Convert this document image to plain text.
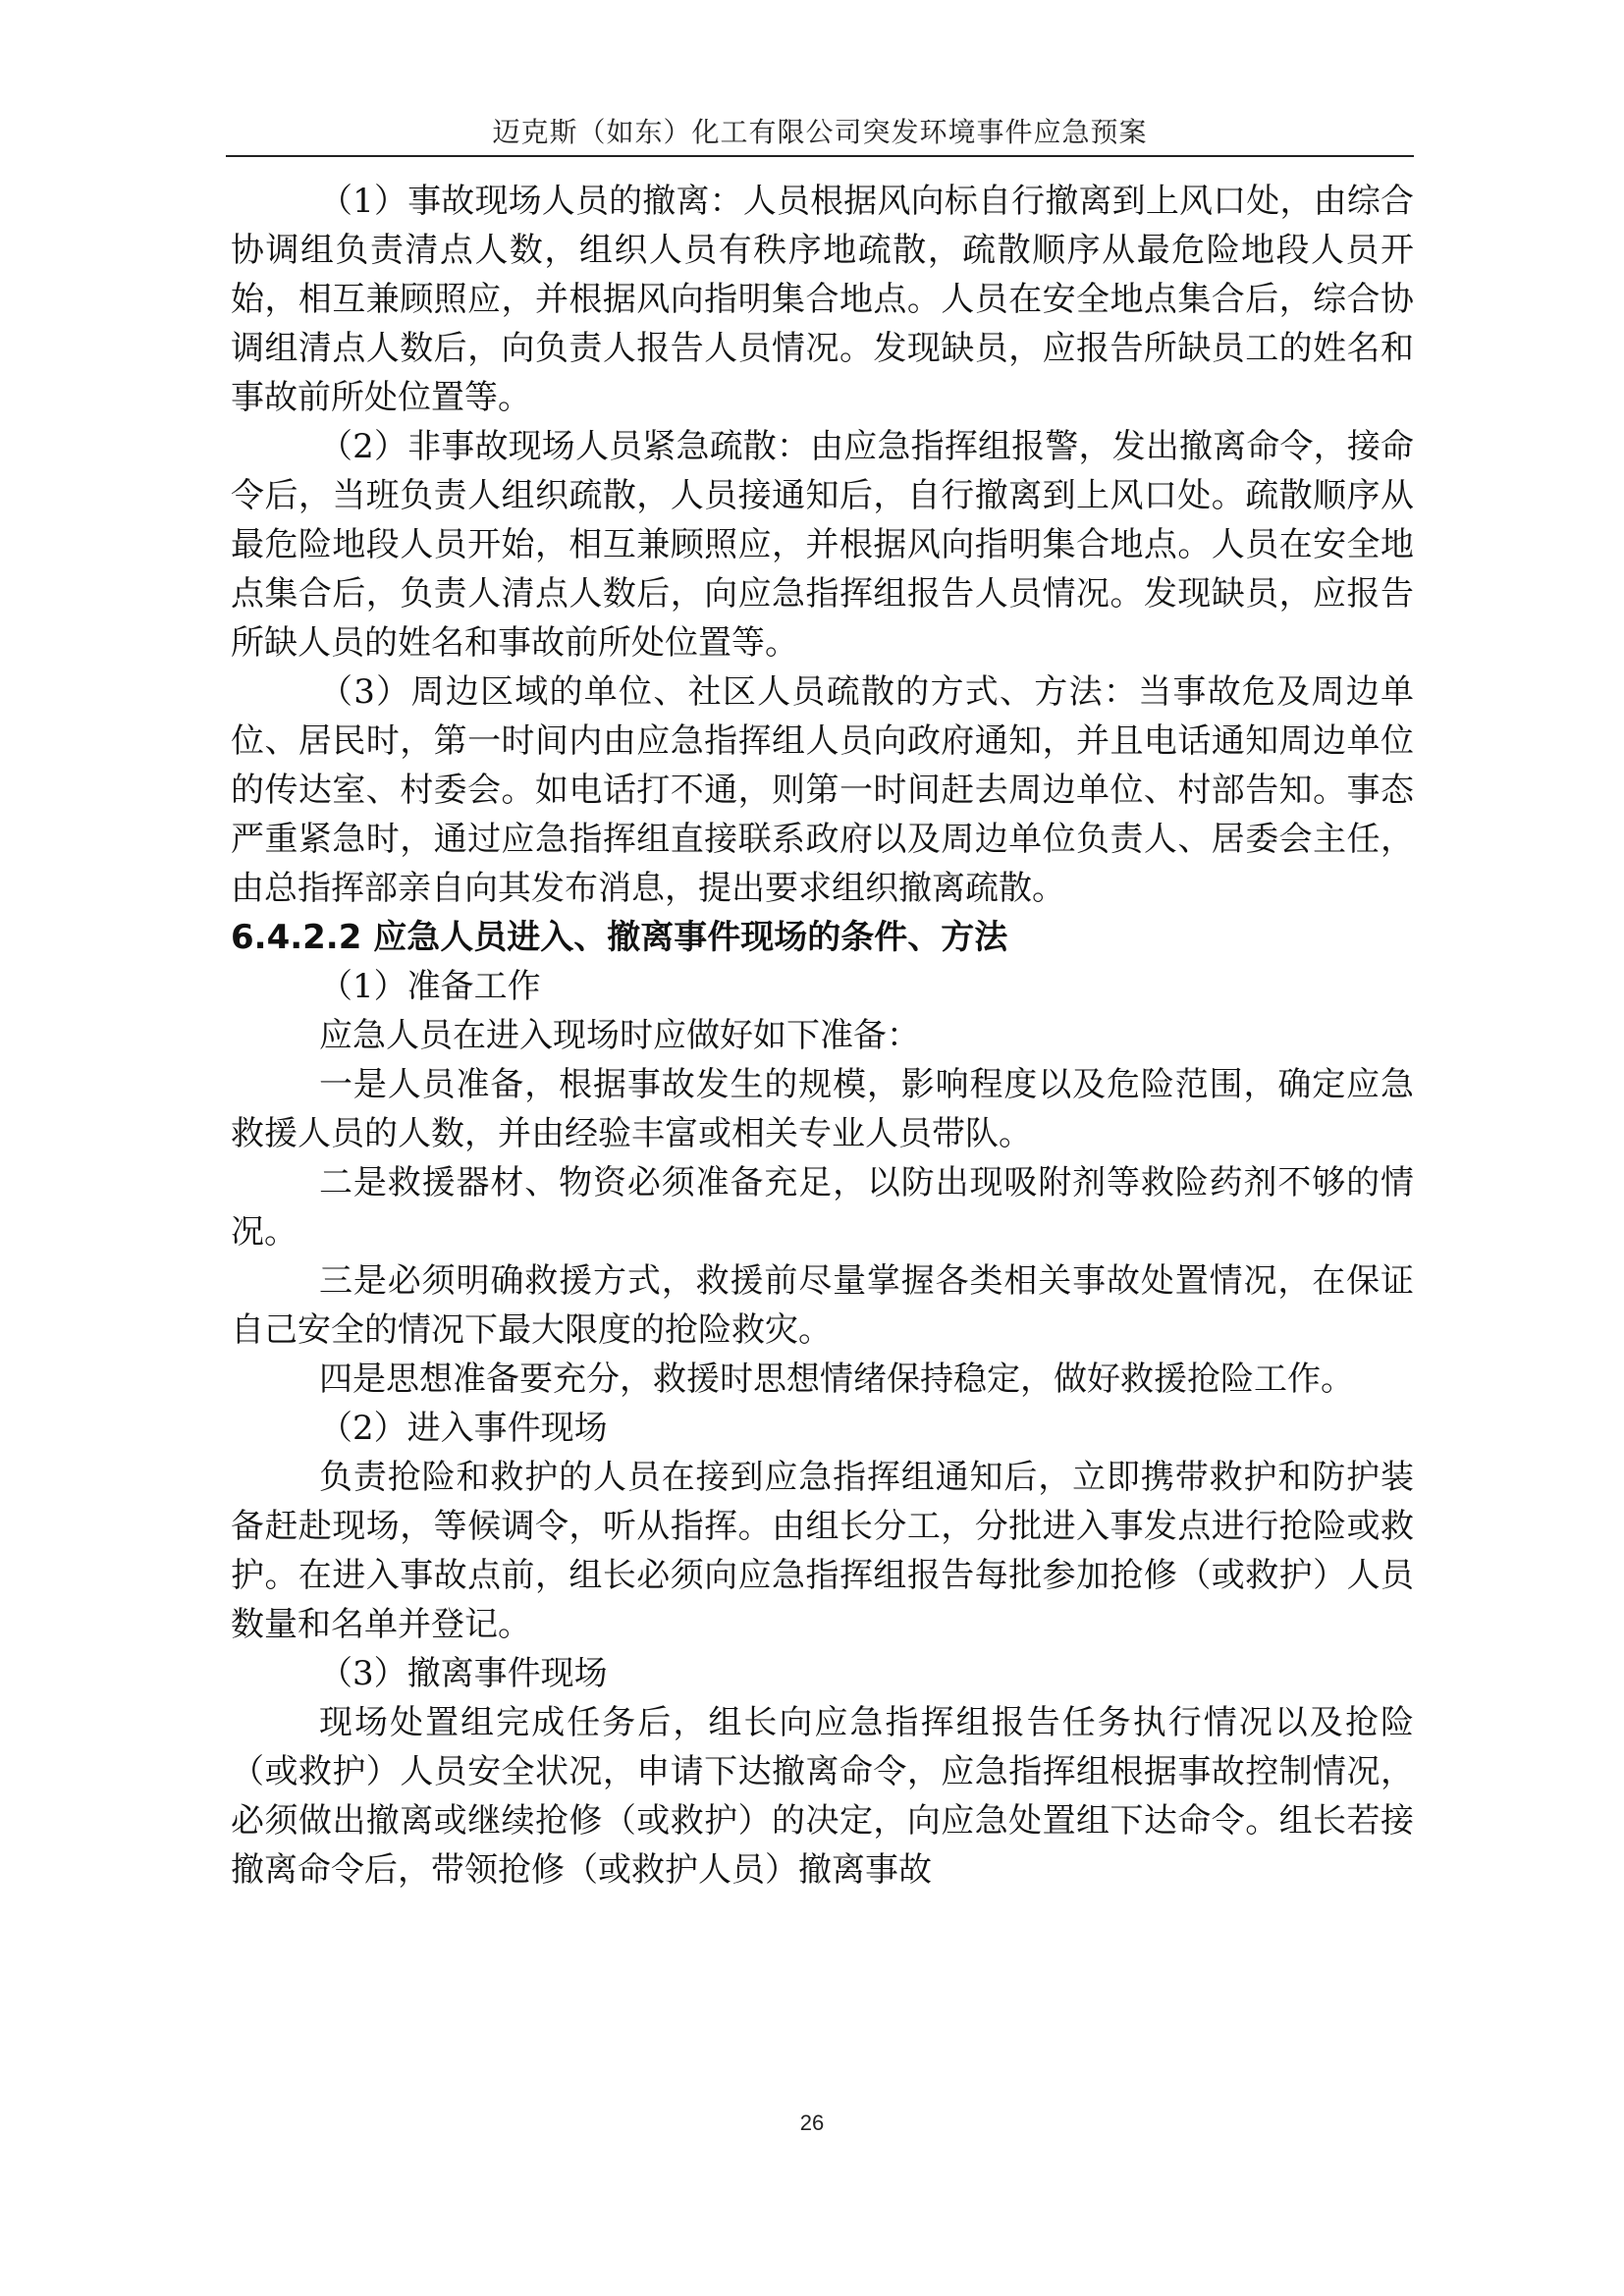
迈克斯（如东）化工有限公司突发环境事件应急预案

（1）事故现场人员的撤离：人员根据风向标自行撤离到上风口处，由综合协调组负责清点人数，组织人员有秩序地疏散，疏散顺序从最危险地段人员开始，相互兼顾照应，并根据风向指明集合地点。人员在安全地点集合后，综合协调组清点人数后，向负责人报告人员情况。发现缺员，应报告所缺员工的姓名和事故前所处位置等。

（2）非事故现场人员紧急疏散：由应急指挥组报警，发出撤离命令，接命令后，当班负责人组织疏散，人员接通知后，自行撤离到上风口处。疏散顺序从最危险地段人员开始，相互兼顾照应，并根据风向指明集合地点。人员在安全地点集合后，负责人清点人数后，向应急指挥组报告人员情况。发现缺员，应报告所缺人员的姓名和事故前所处位置等。

（3）周边区域的单位、社区人员疏散的方式、方法：当事故危及周边单位、居民时，第一时间内由应急指挥组人员向政府通知，并且电话通知周边单位的传达室、村委会。如电话打不通，则第一时间赶去周边单位、村部告知。事态严重紧急时，通过应急指挥组直接联系政府以及周边单位负责人、居委会主任，由总指挥部亲自向其发布消息，提出要求组织撤离疏散。

6.4.2.2 应急人员进入、撤离事件现场的条件、方法

（1）准备工作

应急人员在进入现场时应做好如下准备：

一是人员准备，根据事故发生的规模，影响程度以及危险范围，确定应急救援人员的人数，并由经验丰富或相关专业人员带队。

二是救援器材、物资必须准备充足，以防出现吸附剂等救险药剂不够的情况。

三是必须明确救援方式，救援前尽量掌握各类相关事故处置情况，在保证自己安全的情况下最大限度的抢险救灾。

四是思想准备要充分，救援时思想情绪保持稳定，做好救援抢险工作。

（2）进入事件现场

负责抢险和救护的人员在接到应急指挥组通知后，立即携带救护和防护装备赶赴现场，等候调令，听从指挥。由组长分工，分批进入事发点进行抢险或救护。在进入事故点前，组长必须向应急指挥组报告每批参加抢修（或救护）人员数量和名单并登记。

（3）撤离事件现场

现场处置组完成任务后，组长向应急指挥组报告任务执行情况以及抢险（或救护）人员安全状况，申请下达撤离命令，应急指挥组根据事故控制情况，必须做出撤离或继续抢修（或救护）的决定，向应急处置组下达命令。组长若接撤离命令后，带领抢修（或救护人员）撤离事故

26
